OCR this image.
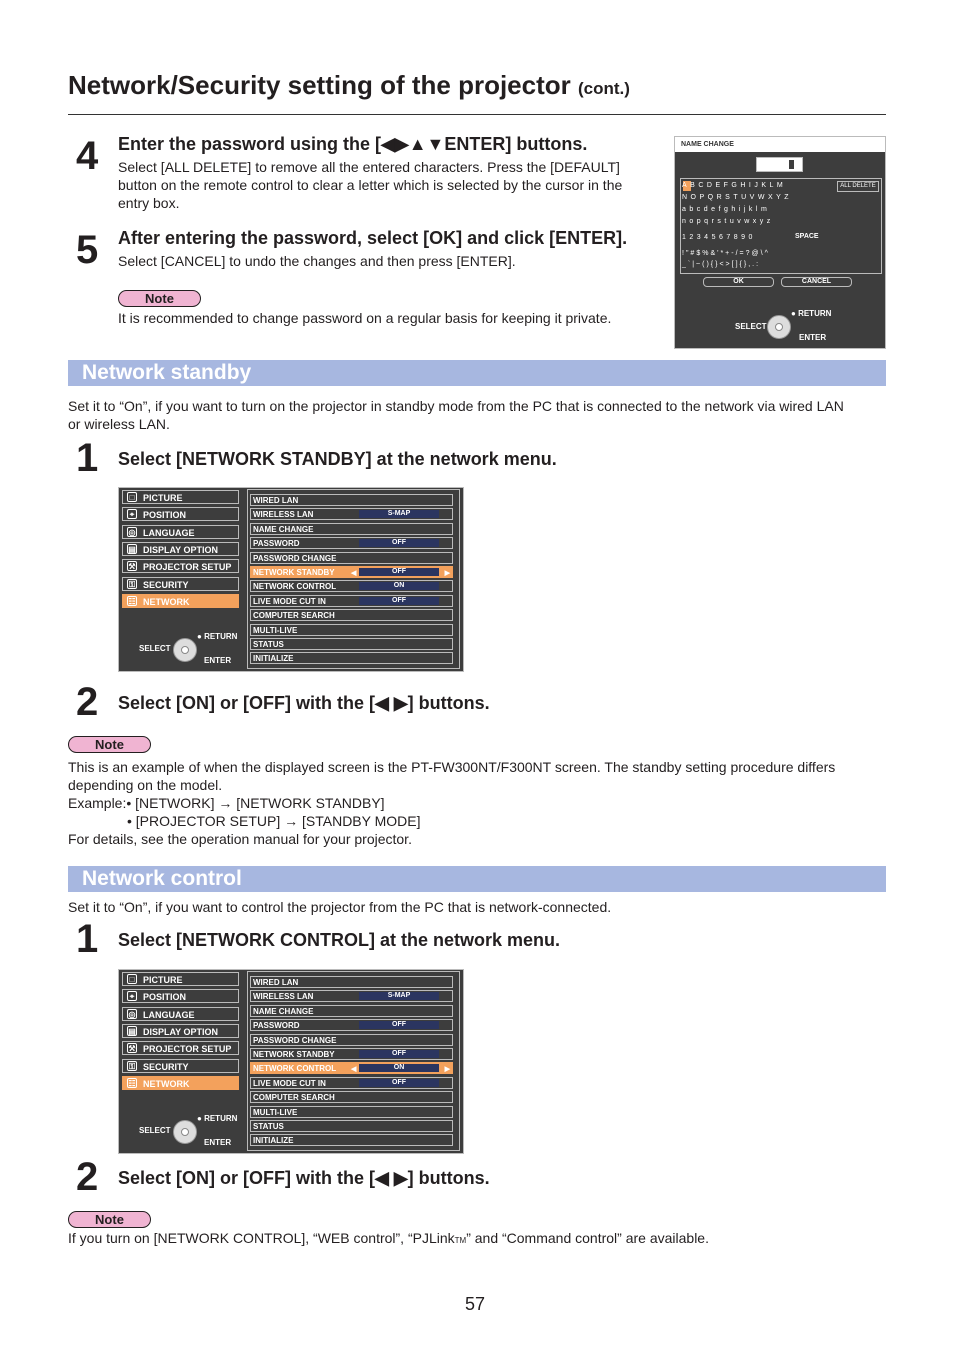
Network/Security setting of the projector (cont.)
4 Enter the password using the [◀▶▲▼ENTER] buttons.
Select [ALL DELETE] to remove all the entered characters. Press the [DEFAULT]
button on the remote control to clear a letter which is selected by the cursor in the
entry box.
5 After entering the password, select [OK] and click [ENTER].
Select [CANCEL] to undo the changes and then press [ENTER].
Note
It is recommended to change password on a regular basis for keeping it private.
NAME CHANGE
ABCDEFGHIJKLM
NOPQRSTUVWXYZ
abcdefghijklm
nopqrstuvwxyz
1234567890
!"#$%&'*+-/=?@\^
_`|~(){}<>[]{},.:
ALL DELETE
SPACE
OK	CANCEL
● RETURN
SELECT
ENTER
Network standby
Set it to “On”, if you want to turn on the projector in standby mode from the PC that is connected to the network via wired LAN
or wireless LAN.
1 Select [NETWORK STANDBY] at the network menu.
□ PICTURE
⌖ POSITION
◎ LANGUAGE
▤ DISPLAY OPTION
⚒ PROJECTOR SETUP
⚿ SECURITY
☷ NETWORK
WIRED LAN
WIRELESS LAN	S-MAP
NAME CHANGE
PASSWORD	OFF
PASSWORD CHANGE
NETWORK STANDBY	OFF
◀	▶
NETWORK CONTROL	ON
LIVE MODE CUT IN	OFF
COMPUTER SEARCH
MULTI-LIVE
STATUS
INITIALIZE
● RETURN
SELECT
ENTER
2 Select [ON] or [OFF] with the [◀ ▶] buttons.
Note
This is an example of when the displayed screen is the PT-FW300NT/F300NT screen. The standby setting procedure differs
depending on the model.
Example:• [NETWORK] → [NETWORK STANDBY]
• [PROJECTOR SETUP] → [STANDBY MODE]
For details, see the operation manual for your projector.
Network control
Set it to “On”, if you want to control the projector from the PC that is network-connected.
1 Select [NETWORK CONTROL] at the network menu.
□ PICTURE
⌖ POSITION
◎ LANGUAGE
▤ DISPLAY OPTION
⚒ PROJECTOR SETUP
⚿ SECURITY
☷ NETWORK
WIRED LAN
WIRELESS LAN	S-MAP
NAME CHANGE
PASSWORD	OFF
PASSWORD CHANGE
NETWORK STANDBY	OFF
NETWORK CONTROL	ON
◀	▶
LIVE MODE CUT IN	OFF
COMPUTER SEARCH
MULTI-LIVE
STATUS
INITIALIZE
● RETURN
SELECT
ENTER
2 Select [ON] or [OFF] with the [◀ ▶] buttons.
Note
If you turn on [NETWORK CONTROL], “WEB control”, “PJLinkTM” and “Command control” are available.
57
